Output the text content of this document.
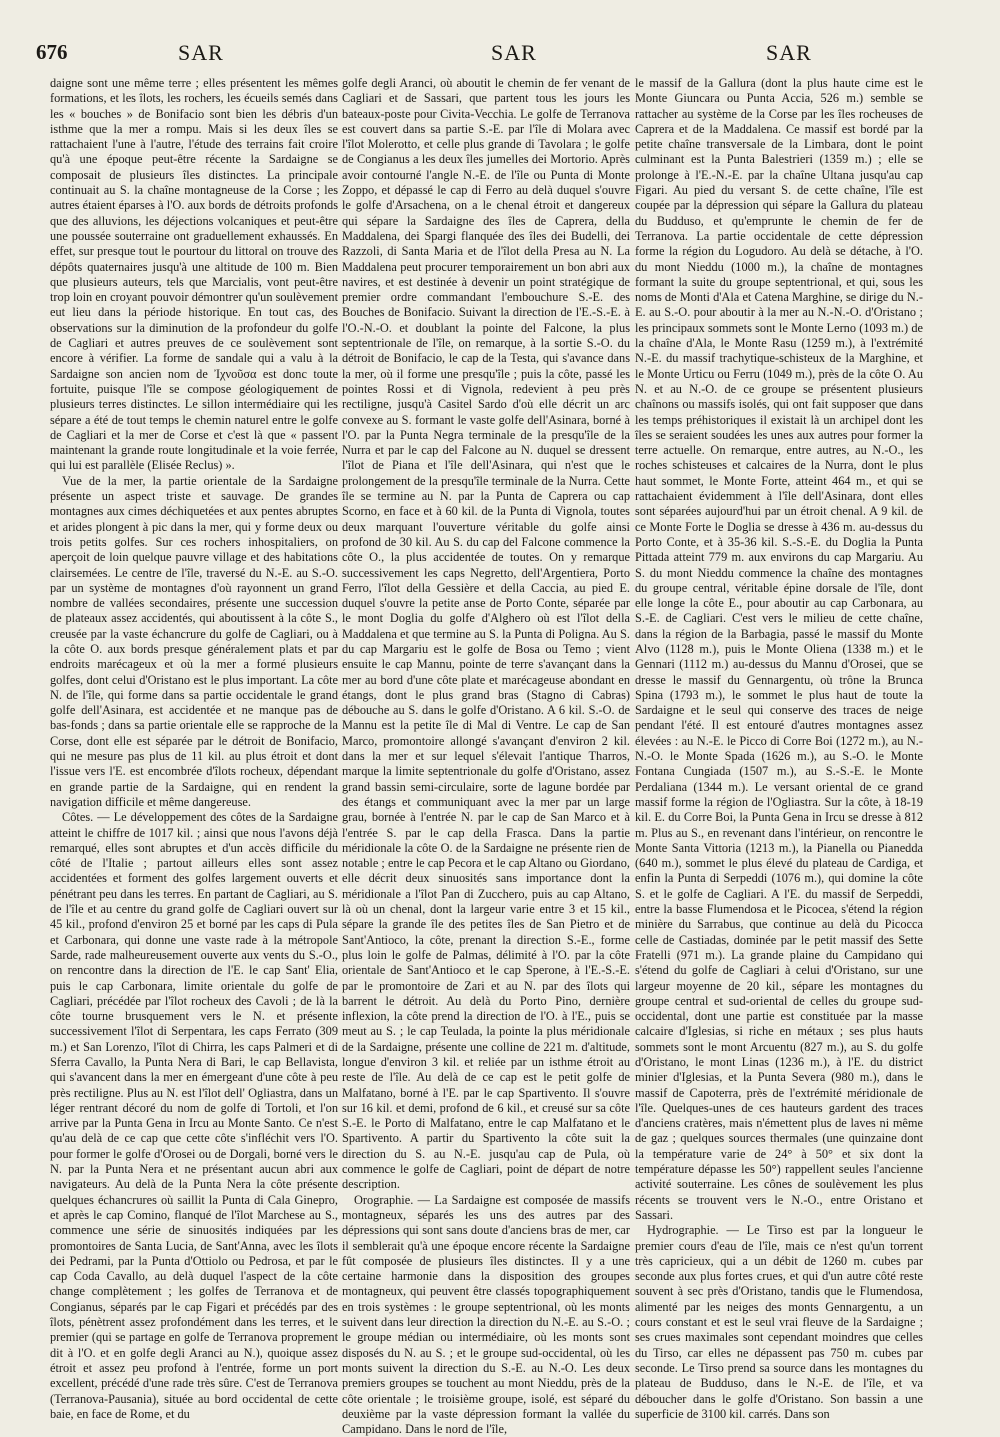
676	SAR	SAR	SAR

daigne sont une même terre ; elles présentent les mêmes formations, et les îlots, les rochers, les écueils semés dans les « bouches » de Bonifacio sont bien les débris d'un isthme que la mer a rompu. Mais si les deux îles se rattachaient l'une à l'autre, l'étude des terrains fait croire qu'à une époque peut-être récente la Sardaigne se composait de plusieurs îles distinctes. La principale continuait au S. la chaîne montagneuse de la Corse ; les autres étaient éparses à l'O. aux bords de détroits profonds que des alluvions, les déjections volcaniques et peut-être une poussée souterraine ont graduellement exhaussés. En effet, sur presque tout le pourtour du littoral on trouve des dépôts quaternaires jusqu'à une altitude de 100 m. Bien que plusieurs auteurs, tels que Marcialis, vont peut-être trop loin en croyant pouvoir démontrer qu'un soulèvement eut lieu dans la période historique. En tout cas, des observations sur la diminution de la profondeur du golfe de Cagliari et autres preuves de ce soulèvement sont encore à vérifier. La forme de sandale qui a valu à la Sardaigne son ancien nom de Ἰχνοῦσα est donc toute fortuite, puisque l'île se compose géologiquement de plusieurs terres distinctes. Le sillon intermédiaire qui les sépare a été de tout temps le chemin naturel entre le golfe de Cagliari et la mer de Corse et c'est là que « passent maintenant la grande route longitudinale et la voie ferrée, qui lui est parallèle (Elisée Reclus) ».

Vue de la mer, la partie orientale de la Sardaigne présente un aspect triste et sauvage. De grandes montagnes aux cimes déchiquetées et aux pentes abruptes et arides plongent à pic dans la mer, qui y forme deux ou trois petits golfes. Sur ces rochers inhospitaliers, on aperçoit de loin quelque pauvre village et des habitations clairsemées. Le centre de l'île, traversé du N.-E. au S.-O. par un système de montagnes d'où rayonnent un grand nombre de vallées secondaires, présente une succession de plateaux assez accidentés, qui aboutissent à la côte S., creusée par la vaste échancrure du golfe de Cagliari, ou à la côte O. aux bords presque généralement plats et par endroits marécageux et où la mer a formé plusieurs golfes, dont celui d'Oristano est le plus important. La côte N. de l'île, qui forme dans sa partie occidentale le grand golfe dell'Asinara, est accidentée et ne manque pas de bas-fonds ; dans sa partie orientale elle se rapproche de la Corse, dont elle est séparée par le détroit de Bonifacio, qui ne mesure pas plus de 11 kil. au plus étroit et dont l'issue vers l'E. est encombrée d'îlots rocheux, dépendant en grande partie de la Sardaigne, qui en rendent la navigation difficile et même dangereuse.

Côtes. — Le développement des côtes de la Sardaigne atteint le chiffre de 1017 kil. ; ainsi que nous l'avons déjà remarqué, elles sont abruptes et d'un accès difficile du côté de l'Italie ; partout ailleurs elles sont assez accidentées et forment des golfes largement ouverts et pénétrant peu dans les terres. En partant de Cagliari, au S. de l'île et au centre du grand golfe de Cagliari ouvert sur 45 kil., profond d'environ 25 et borné par les caps di Pula et Carbonara, qui donne une vaste rade à la métropole Sarde, rade malheureusement ouverte aux vents du S.-O., on rencontre dans la direction de l'E. le cap Sant' Elia, puis le cap Carbonara, limite orientale du golfe de Cagliari, précédée par l'îlot rocheux des Cavoli ; de là la côte tourne brusquement vers le N. et présente successivement l'îlot di Serpentara, les caps Ferrato (309 m.) et San Lorenzo, l'îlot di Chirra, les caps Palmeri et di Sferra Cavallo, la Punta Nera di Bari, le cap Bellavista, qui s'avancent dans la mer en émergeant d'une côte à peu près rectiligne. Plus au N. est l'îlot dell' Ogliastra, dans un léger rentrant décoré du nom de golfe di Tortoli, et l'on arrive par la Punta Gena in Ircu au Monte Santo. Ce n'est qu'au delà de ce cap que cette côte s'infléchit vers l'O. pour former le golfe d'Orosei ou de Dorgali, borné vers le N. par la Punta Nera et ne présentant aucun abri aux navigateurs. Au delà de la Punta Nera la côte présente quelques échancrures où saillit la Punta di Cala Ginepro, et après le cap Comino, flanqué de l'îlot Marchese au S., commence une série de sinuosités indiquées par les promontoires de Santa Lucia, de Sant'Anna, avec les îlots dei Pedrami, par la Punta d'Ottiolo ou Pedrosa, et par le cap Coda Cavallo, au delà duquel l'aspect de la côte change complètement ; les golfes de Terranova et de Congianus, séparés par le cap Figari et précédés par des îlots, pénètrent assez profondément dans les terres, et le premier (qui se partage en golfe de Terranova proprement dit à l'O. et en golfe degli Aranci au N.), quoique assez étroit et assez peu profond à l'entrée, forme un port excellent, précédé d'une rade très sûre. C'est de Terranova (Terranova-Pausania), située au bord occidental de cette baie, en face de Rome, et du

golfe degli Aranci, où aboutit le chemin de fer venant de Cagliari et de Sassari, que partent tous les jours les bateaux-poste pour Civita-Vecchia. Le golfe de Terranova est couvert dans sa partie S.-E. par l'île di Molara avec l'îlot Molerotto, et celle plus grande di Tavolara ; le golfe de Congianus a les deux îles jumelles dei Mortorio. Après avoir contourné l'angle N.-E. de l'île ou Punta di Monte Zoppo, et dépassé le cap di Ferro au delà duquel s'ouvre le golfe d'Arsachena, on a le chenal étroit et dangereux qui sépare la Sardaigne des îles de Caprera, della Maddalena, dei Spargi flanquée des îles dei Budelli, dei Razzoli, di Santa Maria et de l'îlot della Presa au N. La Maddalena peut procurer temporairement un bon abri aux navires, et est destinée à devenir un point stratégique de premier ordre commandant l'embouchure S.-E. des Bouches de Bonifacio. Suivant la direction de l'E.-S.-E. à l'O.-N.-O. et doublant la pointe del Falcone, la plus septentrionale de l'île, on remarque, à la sortie S.-O. du détroit de Bonifacio, le cap de la Testa, qui s'avance dans la mer, où il forme une presqu'île ; puis la côte, passé les pointes Rossi et di Vignola, redevient à peu près rectiligne, jusqu'à Casitel Sardo d'où elle décrit un arc convexe au S. formant le vaste golfe dell'Asinara, borné à l'O. par la Punta Negra terminale de la presqu'île de la Nurra et par le cap del Falcone au N. duquel se dressent l'îlot de Piana et l'île dell'Asinara, qui n'est que le prolongement de la presqu'île terminale de la Nurra. Cette île se termine au N. par la Punta de Caprera ou cap Scorno, en face et à 60 kil. de la Punta di Vignola, toutes deux marquant l'ouverture véritable du golfe ainsi profond de 30 kil. Au S. du cap del Falcone commence la côte O., la plus accidentée de toutes. On y remarque successivement les caps Negretto, dell'Argentiera, Porto Ferro, l'îlot della Gessière et della Caccia, au pied E. duquel s'ouvre la petite anse de Porto Conte, séparée par le mont Doglia du golfe d'Alghero où est l'îlot della Maddalena et que termine au S. la Punta di Poligna. Au S. du cap Margariu est le golfe de Bosa ou Temo ; vient ensuite le cap Mannu, pointe de terre s'avançant dans la mer au bord d'une côte plate et marécageuse abondant en étangs, dont le plus grand bras (Stagno di Cabras) débouche au S. dans le golfe d'Oristano. A 6 kil. S.-O. de Mannu est la petite île di Mal di Ventre. Le cap de San Marco, promontoire allongé s'avançant d'environ 2 kil. dans la mer et sur lequel s'élevait l'antique Tharros, marque la limite septentrionale du golfe d'Oristano, assez grand bassin semi-circulaire, sorte de lagune bordée par des étangs et communiquant avec la mer par un large grau, bornée à l'entrée N. par le cap de San Marco et à l'entrée S. par le cap della Frasca. Dans la partie méridionale la côte O. de la Sardaigne ne présente rien de notable ; entre le cap Pecora et le cap Altano ou Giordano, elle décrit deux sinuosités sans importance dont la méridionale a l'îlot Pan di Zucchero, puis au cap Altano, là où un chenal, dont la largeur varie entre 3 et 15 kil., sépare la grande île des petites îles de San Pietro et de Sant'Antioco, la côte, prenant la direction S.-E., forme plus loin le golfe de Palmas, délimité à l'O. par la côte orientale de Sant'Antioco et le cap Sperone, à l'E.-S.-E. par le promontoire de Zari et au N. par des îlots qui barrent le détroit. Au delà du Porto Pino, dernière inflexion, la côte prend la direction de l'O. à l'E., puis se meut au S. ; le cap Teulada, la pointe la plus méridionale de la Sardaigne, présente une colline de 221 m. d'altitude, longue d'environ 3 kil. et reliée par un isthme étroit au reste de l'île. Au delà de ce cap est le petit golfe de Malfatano, borné à l'E. par le cap Spartivento. Il s'ouvre sur 16 kil. et demi, profond de 6 kil., et creusé sur sa côte S.-E. le Porto di Malfatano, entre le cap Malfatano et le Spartivento. A partir du Spartivento la côte suit la direction du S. au N.-E. jusqu'au cap de Pula, où commence le golfe de Cagliari, point de départ de notre description.

Orographie. — La Sardaigne est composée de massifs montagneux, séparés les uns des autres par des dépressions qui sont sans doute d'anciens bras de mer, car il semblerait qu'à une époque encore récente la Sardaigne fût composée de plusieurs îles distinctes. Il y a une certaine harmonie dans la disposition des groupes montagneux, qui peuvent être classés topographiquement en trois systèmes : le groupe septentrional, où les monts suivent dans leur direction la direction du N.-E. au S.-O. ; le groupe médian ou intermédiaire, où les monts sont disposés du N. au S. ; et le groupe sud-occidental, où les monts suivent la direction du S.-E. au N.-O. Les deux premiers groupes se touchent au mont Nieddu, près de la côte orientale ; le troisième groupe, isolé, est séparé du deuxième par la vaste dépression formant la vallée du Campidano. Dans le nord de l'île,

le massif de la Gallura (dont la plus haute cime est le Monte Giuncara ou Punta Accia, 526 m.) semble se rattacher au système de la Corse par les îles rocheuses de Caprera et de la Maddalena. Ce massif est bordé par la petite chaîne transversale de la Limbara, dont le point culminant est la Punta Balestrieri (1359 m.) ; elle se prolonge à l'E.-N.-E. par la chaîne Ultana jusqu'au cap Figari. Au pied du versant S. de cette chaîne, l'île est coupée par la dépression qui sépare la Gallura du plateau du Budduso, et qu'emprunte le chemin de fer de Terranova. La partie occidentale de cette dépression forme la région du Logudoro. Au delà se détache, à l'O. du mont Nieddu (1000 m.), la chaîne de montagnes formant la suite du groupe septentrional, et qui, sous les noms de Monti d'Ala et Catena Marghine, se dirige du N.-E. au S.-O. pour aboutir à la mer au N.-N.-O. d'Oristano ; les principaux sommets sont le Monte Lerno (1093 m.) de la chaîne d'Ala, le Monte Rasu (1259 m.), à l'extrémité N.-E. du massif trachytique-schisteux de la Marghine, et le Monte Urticu ou Ferru (1049 m.), près de la côte O. Au N. et au N.-O. de ce groupe se présentent plusieurs chaînons ou massifs isolés, qui ont fait supposer que dans les temps préhistoriques il existait là un archipel dont les îles se seraient soudées les unes aux autres pour former la terre actuelle. On remarque, entre autres, au N.-O., les roches schisteuses et calcaires de la Nurra, dont le plus haut sommet, le Monte Forte, atteint 464 m., et qui se rattachaient évidemment à l'île dell'Asinara, dont elles sont séparées aujourd'hui par un étroit chenal. A 9 kil. de ce Monte Forte le Doglia se dresse à 436 m. au-dessus du Porto Conte, et à 35-36 kil. S.-S.-E. du Doglia la Punta Pittada atteint 779 m. aux environs du cap Margariu. Au S. du mont Nieddu commence la chaîne des montagnes du groupe central, véritable épine dorsale de l'île, dont elle longe la côte E., pour aboutir au cap Carbonara, au S.-E. de Cagliari. C'est vers le milieu de cette chaîne, dans la région de la Barbagia, passé le massif du Monte Alvo (1128 m.), puis le Monte Oliena (1338 m.) et le Gennari (1112 m.) au-dessus du Mannu d'Orosei, que se dresse le massif du Gennargentu, où trône la Brunca Spina (1793 m.), le sommet le plus haut de toute la Sardaigne et le seul qui conserve des traces de neige pendant l'été. Il est entouré d'autres montagnes assez élevées : au N.-E. le Picco di Corre Boi (1272 m.), au N.-N.-O. le Monte Spada (1626 m.), au S.-O. le Monte Fontana Cungiada (1507 m.), au S.-S.-E. le Monte Perdaliana (1344 m.). Le versant oriental de ce grand massif forme la région de l'Ogliastra. Sur la côte, à 18-19 kil. E. du Corre Boi, la Punta Gena in Ircu se dresse à 812 m. Plus au S., en revenant dans l'intérieur, on rencontre le Monte Santa Vittoria (1213 m.), la Pianella ou Pianedda (640 m.), sommet le plus élevé du plateau de Cardiga, et enfin la Punta di Serpeddi (1076 m.), qui domine la côte S. et le golfe de Cagliari. A l'E. du massif de Serpeddi, entre la basse Flumendosa et le Picocea, s'étend la région minière du Sarrabus, que continue au delà du Picocca celle de Castiadas, dominée par le petit massif des Sette Fratelli (971 m.). La grande plaine du Campidano qui s'étend du golfe de Cagliari à celui d'Oristano, sur une largeur moyenne de 20 kil., sépare les montagnes du groupe central et sud-oriental de celles du groupe sud-occidental, dont une partie est constituée par la masse calcaire d'Iglesias, si riche en métaux ; ses plus hauts sommets sont le mont Arcuentu (827 m.), au S. du golfe d'Oristano, le mont Linas (1236 m.), à l'E. du district minier d'Iglesias, et la Punta Severa (980 m.), dans le massif de Capoterra, près de l'extrémité méridionale de l'île. Quelques-unes de ces hauteurs gardent des traces d'anciens cratères, mais n'émettent plus de laves ni même de gaz ; quelques sources thermales (une quinzaine dont la température varie de 24° à 50° et six dont la température dépasse les 50°) rappellent seules l'ancienne activité souterraine. Les cônes de soulèvement les plus récents se trouvent vers le N.-O., entre Oristano et Sassari.

Hydrographie. — Le Tirso est par la longueur le premier cours d'eau de l'île, mais ce n'est qu'un torrent très capricieux, qui a un débit de 1260 m. cubes par seconde aux plus fortes crues, et qui d'un autre côté reste souvent à sec près d'Oristano, tandis que le Flumendosa, alimenté par les neiges des monts Gennargentu, a un cours constant et est le seul vrai fleuve de la Sardaigne ; ses crues maximales sont cependant moindres que celles du Tirso, car elles ne dépassent pas 750 m. cubes par seconde. Le Tirso prend sa source dans les montagnes du plateau de Budduso, dans le N.-E. de l'île, et va déboucher dans le golfe d'Oristano. Son bassin a une superficie de 3100 kil. carrés. Dans son
